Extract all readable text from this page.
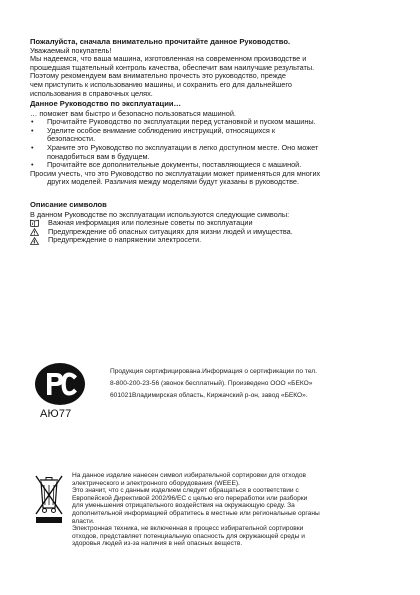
Пожалуйста, сначала внимательно прочитайте данное Руководство.

Уважаемый покупатель!

Мы надеемся, что ваша машина, изготовленная на современном производстве и

прошедшая тщательный контроль качества, обеспечит вам наилучшие результаты.

Поэтому рекомендуем вам внимательно прочесть это руководство, прежде

чем приступить к использованию машины, и сохранить его для дальнейшего

использования в справочных целях.

Данное Руководство по эксплуатации…

… поможет вам быстро и безопасно пользоваться машиной.

• Прочитайте Руководство по эксплуатации перед установкой и пуском машины.
• Уделите особое внимание соблюдению инструкций, относящихся к
безопасности.
• Храните это Руководство по эксплуатации в легко доступном месте. Оно может
понадобиться вам в будущем.
• Прочитайте все дополнительные документы, поставляющиеся с машиной.

Просим учесть, что это Руководство по эксплуатации может применяться для многих

других моделей. Различия между моделями будут указаны в руководстве.

Описание символов

В данном Руководстве по эксплуатации используются следующие символы:

i	Важная информация или полезные советы по эксплуатации
Предупреждение об опасных ситуациях для жизни людей и имущества.
Предупреждение о напряжении электросети.
АЮ77
Продукция сертифицирована.Информация о сертификации по тел.
8-800-200-23-56 (звонок бесплатный). Произведено ООО «БЕКО»
601021Владимирская область, Киржачский р-он, завод «БЕКО».

На данное изделие нанесен символ избирательной сортировки для отходов

электрического и электронного оборудования (WEEE).

Это значит, что с данным изделием следует обращаться в соответствии с

Европейской Директивой 2002/96/EC с целью его переработки или разборки

для уменьшения отрицательного воздействия на окружающую среду. За

дополнительной информацией обратитесь в местные или региональные органы

власти.

Электронная техника, не включенная в процесс избирательной сортировки

отходов, представляет потенциальную опасность для окружающей среды и

здоровья людей из-за наличия в ней опасных веществ.
